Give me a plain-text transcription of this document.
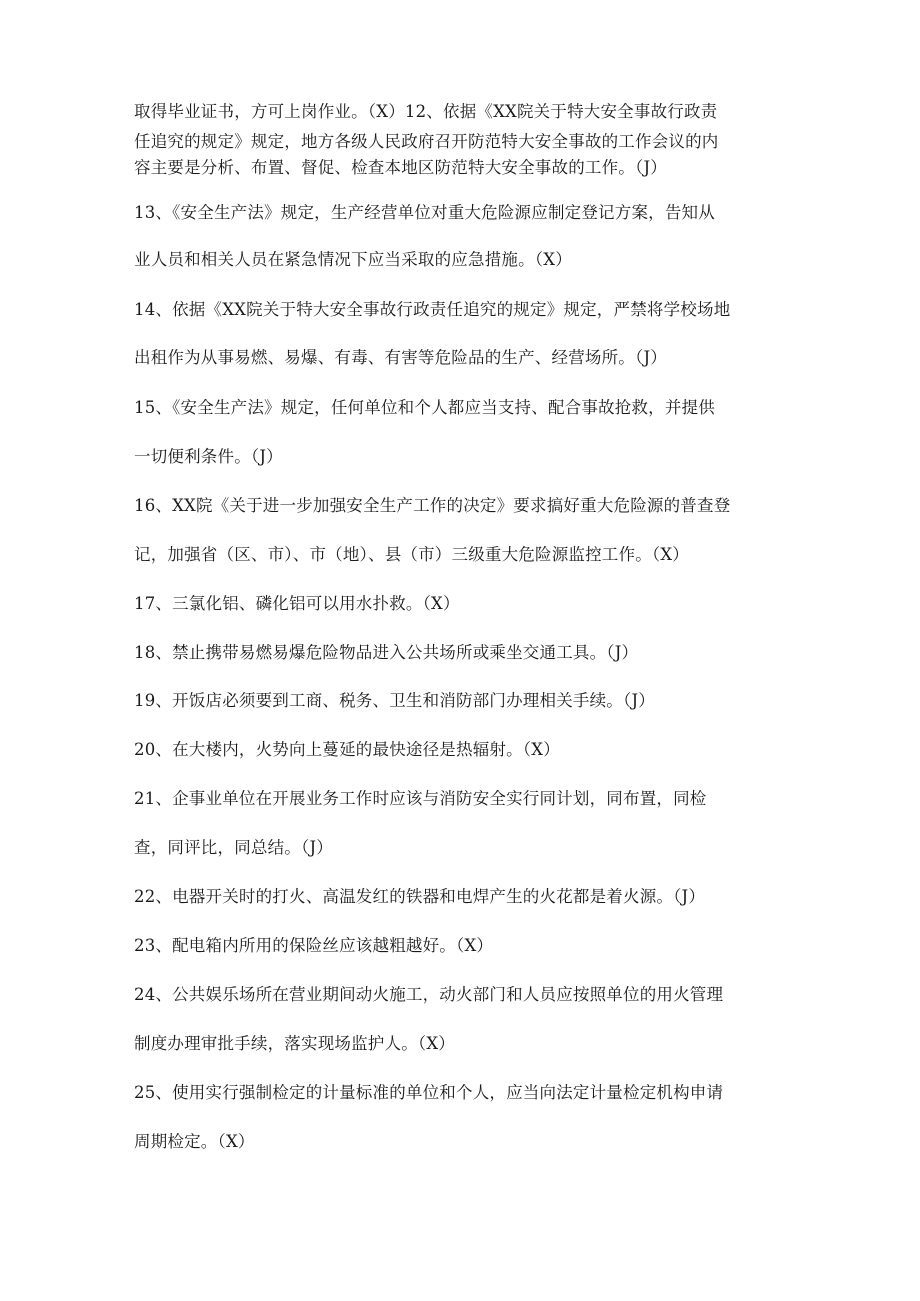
取得毕业证书，方可上岗作业。（X）12、依据《XX院关于特大安全事故行政责
任追究的规定》规定，地方各级人民政府召开防范特大安全事故的工作会议的内
容主要是分析、布置、督促、检查本地区防范特大安全事故的工作。（J）
13、《安全生产法》规定，生产经营单位对重大危险源应制定登记方案，告知从
业人员和相关人员在紧急情况下应当采取的应急措施。（X）
14、依据《XX院关于特大安全事故行政责任追究的规定》规定，严禁将学校场地
出租作为从事易燃、易爆、有毒、有害等危险品的生产、经营场所。（J）
15、《安全生产法》规定，任何单位和个人都应当支持、配合事故抢救，并提供
一切便利条件。（J）
16、XX院《关于进一步加强安全生产工作的决定》要求搞好重大危险源的普查登
记，加强省（区、市）、市（地）、县（市）三级重大危险源监控工作。（X）
17、三氯化铝、磷化铝可以用水扑救。（X）
18、禁止携带易燃易爆危险物品进入公共场所或乘坐交通工具。（J）
19、开饭店必须要到工商、税务、卫生和消防部门办理相关手续。（J）
20、在大楼内，火势向上蔓延的最快途径是热辐射。（X）
21、企事业单位在开展业务工作时应该与消防安全实行同计划，同布置，同检
查，同评比，同总结。（J）
22、电器开关时的打火、高温发红的铁器和电焊产生的火花都是着火源。（J）
23、配电箱内所用的保险丝应该越粗越好。（X）
24、公共娱乐场所在营业期间动火施工，动火部门和人员应按照单位的用火管理
制度办理审批手续，落实现场监护人。（X）
25、使用实行强制检定的计量标准的单位和个人，应当向法定计量检定机构申请
周期检定。（X）
